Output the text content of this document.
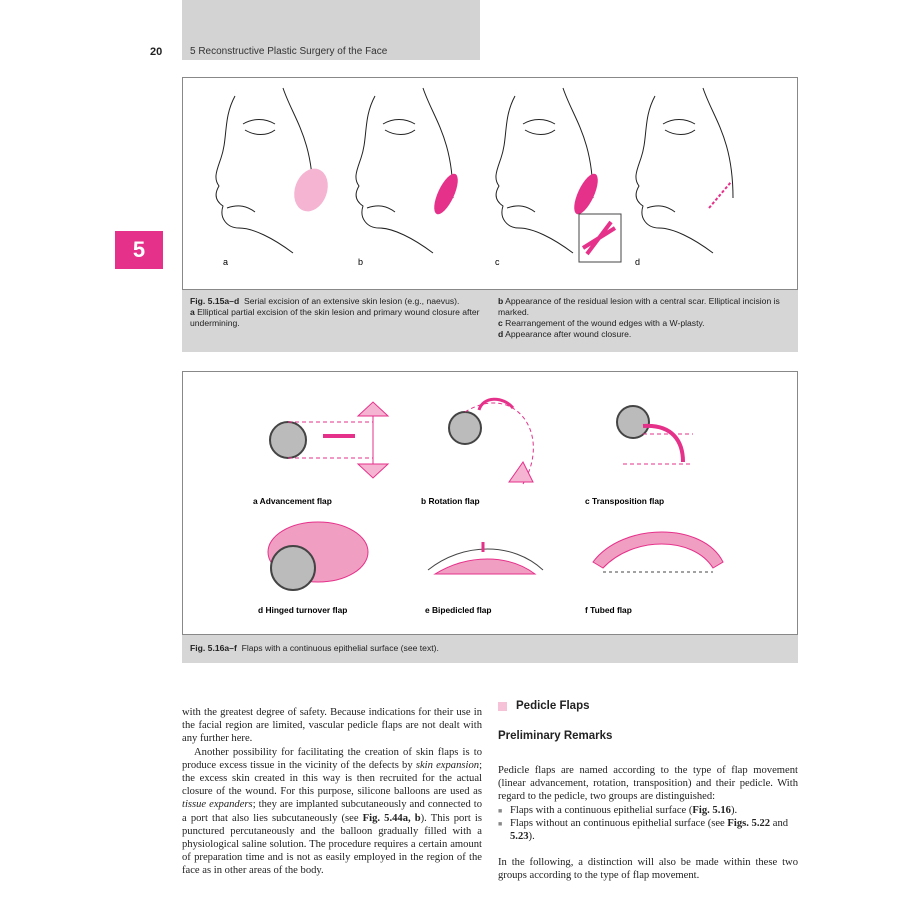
20	5 Reconstructive Plastic Surgery of the Face
5	a	b	c	d
Fig. 5.15a–d Serial excision of an extensive skin lesion (e.g., naevus).
a Elliptical partial excision of the skin lesion and primary wound closure after undermining.
b Appearance of the residual lesion with a central scar. Elliptical incision is marked.
c Rearrangement of the wound edges with a W-plasty.
d Appearance after wound closure.
a Advancement flap	b Rotation flap	c Transposition flap
d Hinged turnover flap	e Bipedicled flap	f Tubed flap
Fig. 5.16a–f Flaps with a continuous epithelial surface (see text).

with the greatest degree of safety. Because indications for their use in the facial region are limited, vascular pedicle flaps are not dealt with any further here.

Another possibility for facilitating the creation of skin flaps is to produce excess tissue in the vicinity of the defects by skin expansion; the excess skin created in this way is then recruited for the actual closure of the wound. For this purpose, silicone balloons are used as tissue expanders; they are implanted subcutaneously and connected to a port that also lies subcutaneously (see Fig. 5.44a, b). This port is punctured percutaneously and the balloon gradually filled with a physiological saline solution. The procedure requires a certain amount of preparation time and is not as easily employed in the region of the face as in other areas of the body.

Pedicle Flaps
Preliminary Remarks

Pedicle flaps are named according to the type of flap movement (linear advancement, rotation, transposition) and their pedicle. With regard to the pedicle, two groups are distinguished:

■ Flaps with a continuous epithelial surface (Fig. 5.16).
■ Flaps without an continuous epithelial surface (see Figs. 5.22 and 5.23).

In the following, a distinction will also be made within these two groups according to the type of flap movement.
